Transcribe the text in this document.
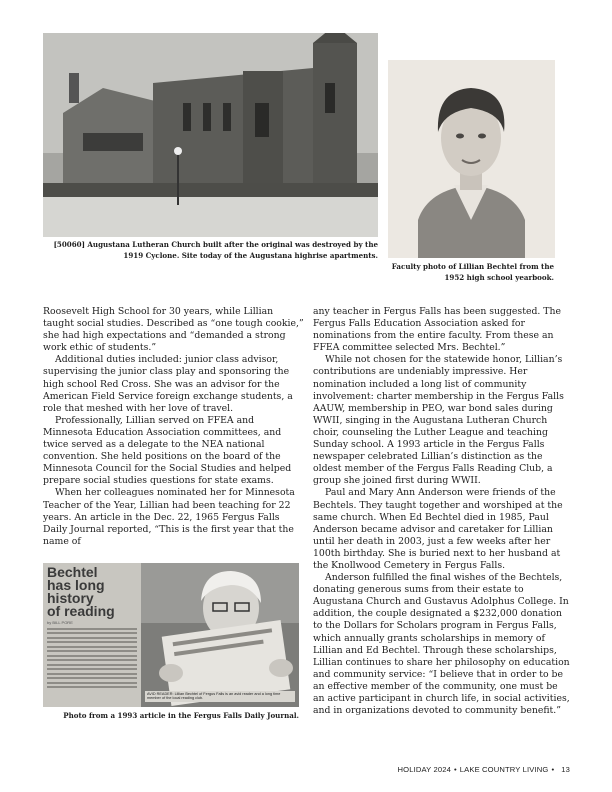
[50060] Augustana Lutheran Church built after the original was destroyed by the 1919 Cyclone. Site today of the Augustana highrise apartments.
Faculty photo of Lillian Bechtel from the 1952 high school yearbook.

Roosevelt High School for 30 years, while Lillian taught social studies. Described as “one tough cookie,” she had high expectations and “demanded a strong work ethic of students.”

Additional duties included: junior class advisor, supervising the junior class play and sponsoring the high school Red Cross. She was an advisor for the American Field Service foreign exchange students, a role that meshed with her love of travel.

Professionally, Lillian served on FFEA and Minnesota Education Association committees, and twice served as a delegate to the NEA national convention. She held positions on the board of the Minnesota Council for the Social Studies and helped prepare social studies questions for state exams.

When her colleagues nominated her for Minnesota Teacher of the Year, Lillian had been teaching for 22 years. An article in the Dec. 22, 1965 Fergus Falls Daily Journal reported, “This is the first year that the name of

any teacher in Fergus Falls has been suggested. The Fergus Falls Education Association asked for nominations from the entire faculty. From these an FFEA committee selected Mrs. Bechtel.”

While not chosen for the statewide honor, Lillian’s contributions are undeniably impressive. Her nomination included a long list of community involvement: charter membership in the Fergus Falls AAUW, membership in PEO, war bond sales during WWII, singing in the Augustana Lutheran Church choir, counseling the Luther League and teaching Sunday school. A 1993 article in the Fergus Falls newspaper celebrated Lillian’s distinction as the oldest member of the Fergus Falls Reading Club, a group she joined first during WWII.

Paul and Mary Ann Anderson were friends of the Bechtels. They taught together and worshiped at the same church. When Ed Bechtel died in 1985, Paul Anderson became advisor and caretaker for Lillian until her death in 2003, just a few weeks after her 100th birthday. She is buried next to her husband at the Knollwood Cemetery in Fergus Falls.

Anderson fulfilled the final wishes of the Bechtels, donating generous sums from their estate to Augustana Church and Gustavus Adolphus College. In addition, the couple designated a $232,000 donation to the Dollars for Scholars program in Fergus Falls, which annually grants scholarships in memory of Lillian and Ed Bechtel. Through these scholarships, Lillian continues to share her philosophy on education and community service: “I believe that in order to be an effective member of the community, one must be an active participant in church life, in social activities, and in organizations devoted to community benefit.”

Bechtel
has long
history
of reading
by BILL PORE
AVID READER: Lillian Bechtel of Fergus Falls is an avid reader and a long time member of the local reading club.
Photo from a 1993 article in the Fergus Falls Daily Journal.
HOLIDAY 2024 • LAKE COUNTRY LIVING • 13
